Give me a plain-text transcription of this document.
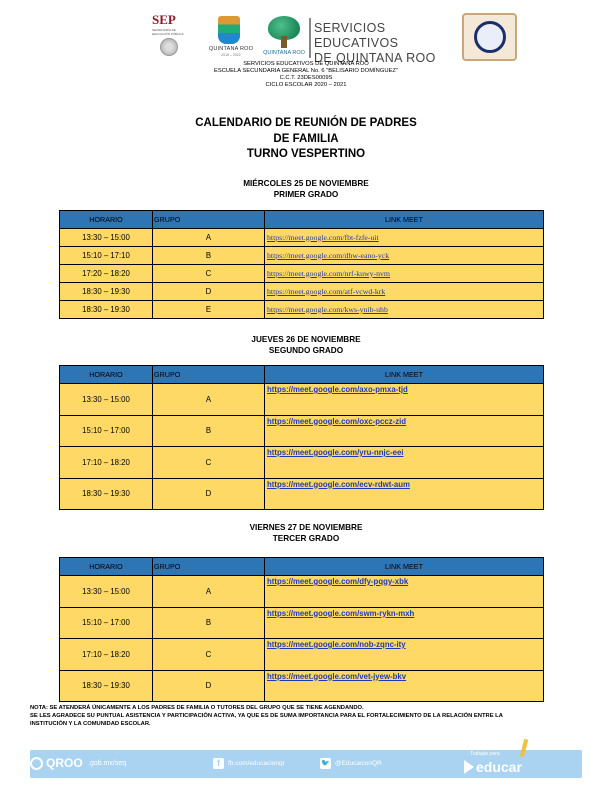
SEP
SECRETARÍA DE EDUCACIÓN PÚBLICA
QUINTANA ROO
2016 – 2022	QUINTANA ROO
SERVICIOS EDUCATIVOS
DE QUINTANA ROO
SERVICIOS EDUCATIVOS DE QUINTANA ROO
ESCUELA SECUNDARIA GENERAL No. 6 "BELISARIO DOMÍNGUEZ"
C.C.T. 23DES0009S
CICLO ESCOLAR 2020 – 2021
CALENDARIO DE REUNIÓN DE PADRES
DE FAMILIA
TURNO VESPERTINO
MIÉRCOLES 25 DE NOVIEMBRE
PRIMER GRADO
HORARIO	GRUPO	LINK MEET
13:30 – 15:00	A	https://meet.google.com/fbt-fzfe-uit
15:10 – 17:10	B	https://meet.google.com/dhw-eano-yck
17:20 – 18:20	C	https://meet.google.com/nrf-kuwy-nvm
18:30 – 19:30	D	https://meet.google.com/atf-vcwd-krk
18:30 – 19:30	E	https://meet.google.com/kws-ynib-uhb
JUEVES 26 DE NOVIEMBRE
SEGUNDO GRADO
HORARIO	GRUPO	LINK MEET
13:30 – 15:00	A	https://meet.google.com/axo-pmxa-tjd
15:10 – 17:00	B	https://meet.google.com/oxc-pccz-zid
17:10 – 18:20	C	https://meet.google.com/yru-nnjc-eei
18:30 – 19:30	D	https://meet.google.com/ecv-rdwt-aum
VIERNES 27 DE NOVIEMBRE
TERCER GRADO
HORARIO	GRUPO	LINK MEET
13:30 – 15:00	A	https://meet.google.com/dfy-pqgy-xbk
15:10 – 17:00	B	https://meet.google.com/swm-rykn-mxh
17:10 – 18:20	C	https://meet.google.com/nob-zqnc-ity
18:30 – 19:30	D	https://meet.google.com/vet-jyew-bkv
NOTA: SE ATENDERÁ ÚNICAMENTE A LOS PADRES DE FAMILIA O TUTORES DEL GRUPO QUE SE TIENE AGENDANDO.
SE LES AGRADECE SU PUNTUAL ASISTENCIA Y PARTICIPACIÓN ACTIVA, YA QUE ES DE SUMA IMPORTANCIA PARA EL FORTALECIMIENTO DE LA RELACIÓN ENTRE LA
INSTITUCIÓN Y LA COMUNIDAD ESCOLAR.
QROO .gob.mx/seq	f	fb.com/educacionqr	🐦 @EducacionQR
Trabajar para
educar
